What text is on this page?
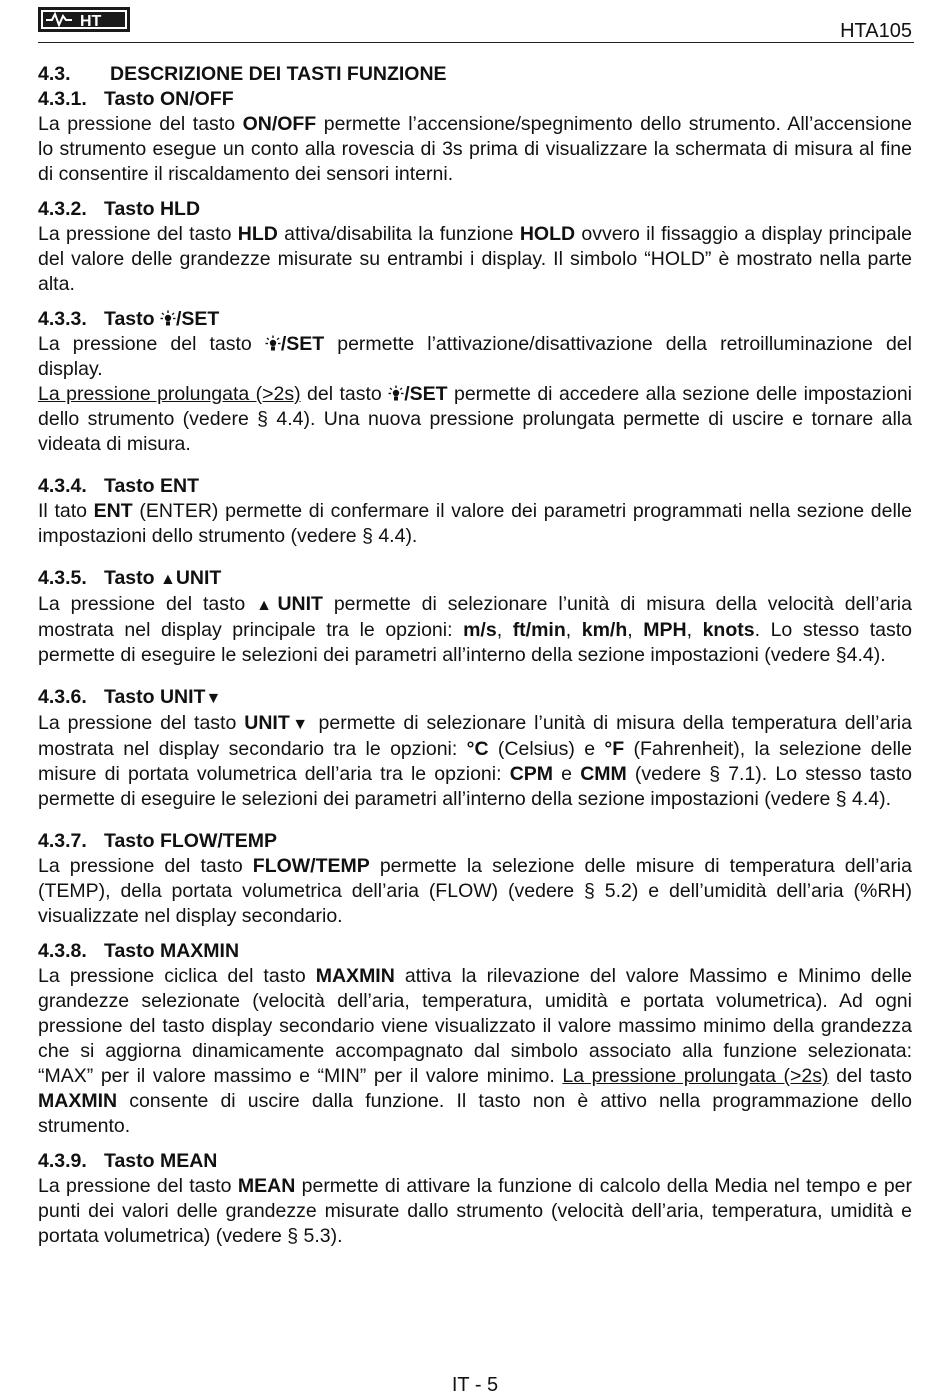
HT	HTA105
4.3. DESCRIZIONE DEI TASTI FUNZIONE
4.3.1. Tasto ON/OFF

La pressione del tasto ON/OFF permette l’accensione/spegnimento dello strumento. All’accensione lo strumento esegue un conto alla rovescia di 3s prima di visualizzare la schermata di misura al fine di consentire il riscaldamento dei sensori interni.

4.3.2. Tasto HLD

La pressione del tasto HLD attiva/disabilita la funzione HOLD ovvero il fissaggio a display principale del valore delle grandezze misurate su entrambi i display. Il simbolo “HOLD” è mostrato nella parte alta.

4.3.3. Tasto /SET

La pressione del tasto /SET permette l’attivazione/disattivazione della retroilluminazione del display.

La pressione prolungata (>2s) del tasto /SET permette di accedere alla sezione delle impostazioni dello strumento (vedere § 4.4). Una nuova pressione prolungata permette di uscire e tornare alla videata di misura.

4.3.4. Tasto ENT

Il tato ENT (ENTER) permette di confermare il valore dei parametri programmati nella sezione delle impostazioni dello strumento (vedere § 4.4).

4.3.5. Tasto ▲UNIT

La pressione del tasto ▲UNIT permette di selezionare l’unità di misura della velocità dell’aria mostrata nel display principale tra le opzioni: m/s, ft/min, km/h, MPH, knots. Lo stesso tasto permette di eseguire le selezioni dei parametri all’interno della sezione impostazioni (vedere §4.4).

4.3.6. Tasto UNIT▼

La pressione del tasto UNIT▼ permette di selezionare l’unità di misura della temperatura dell’aria mostrata nel display secondario tra le opzioni: °C (Celsius) e °F (Fahrenheit), la selezione delle misure di portata volumetrica dell’aria tra le opzioni: CPM e CMM (vedere § 7.1). Lo stesso tasto permette di eseguire le selezioni dei parametri all’interno della sezione impostazioni (vedere § 4.4).

4.3.7. Tasto FLOW/TEMP

La pressione del tasto FLOW/TEMP permette la selezione delle misure di temperatura dell’aria (TEMP), della portata volumetrica dell’aria (FLOW) (vedere § 5.2) e dell’umidità dell’aria (%RH) visualizzate nel display secondario.

4.3.8. Tasto MAXMIN

La pressione ciclica del tasto MAXMIN attiva la rilevazione del valore Massimo e Minimo delle grandezze selezionate (velocità dell’aria, temperatura, umidità e portata volumetrica). Ad ogni pressione del tasto display secondario viene visualizzato il valore massimo minimo della grandezza che si aggiorna dinamicamente accompagnato dal simbolo associato alla funzione selezionata: “MAX” per il valore massimo e “MIN” per il valore minimo. La pressione prolungata (>2s) del tasto MAXMIN consente di uscire dalla funzione. Il tasto non è attivo nella programmazione dello strumento.

4.3.9. Tasto MEAN

La pressione del tasto MEAN permette di attivare la funzione di calcolo della Media nel tempo e per punti dei valori delle grandezze misurate dallo strumento (velocità dell’aria, temperatura, umidità e portata volumetrica) (vedere § 5.3).

IT - 5
